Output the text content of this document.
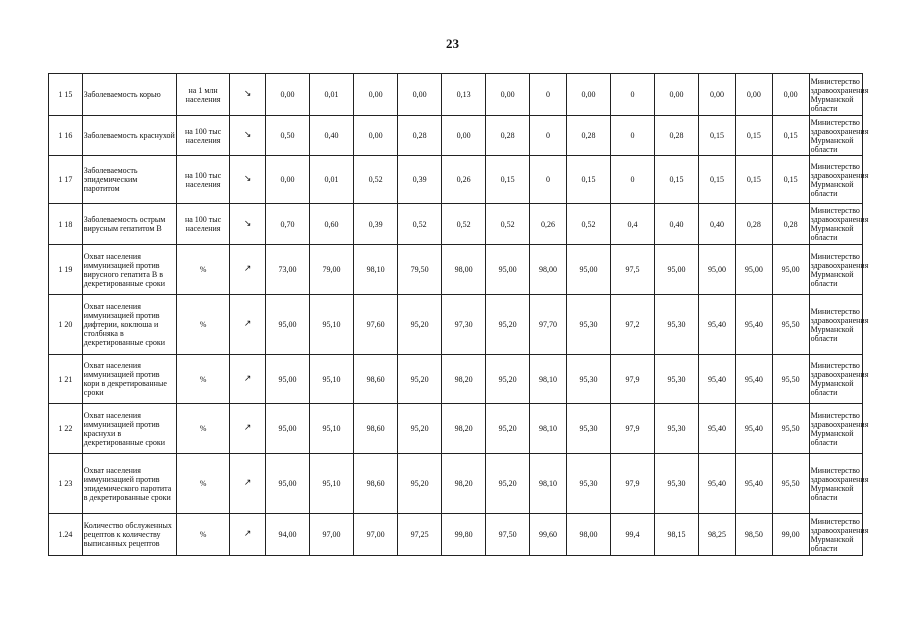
23
1 15	Заболеваемость корью	на 1 млн населения	↘	0,00	0,01	0,00	0,00	0,13	0,00	0	0,00	0	0,00	0,00	0,00	0,00	Министерство здравоохранения Мурманской области
1 16	Заболеваемость краснухой	на 100 тыс населения	↘	0,50	0,40	0,00	0,28	0,00	0,28	0	0,28	0	0,28	0,15	0,15	0,15	Министерство здравоохранения Мурманской области
1 17	Заболеваемость эпидемическим паротитом	на 100 тыс населения	↘	0,00	0,01	0,52	0,39	0,26	0,15	0	0,15	0	0,15	0,15	0,15	0,15	Министерство здравоохранения Мурманской области
1 18	Заболеваемость острым вирусным гепатитом В	на 100 тыс населения	↘	0,70	0,60	0,39	0,52	0,52	0,52	0,26	0,52	0,4	0,40	0,40	0,28	0,28	Министерство здравоохранения Мурманской области
1 19	Охват населения иммунизацией против вирусного гепатита В в декретированные сроки	%	↗	73,00	79,00	98,10	79,50	98,00	95,00	98,00	95,00	97,5	95,00	95,00	95,00	95,00	Министерство здравоохранения Мурманской области
1 20	Охват населения иммунизацией против дифтерии, коклюша и столбняка в декретированные сроки	%	↗	95,00	95,10	97,60	95,20	97,30	95,20	97,70	95,30	97,2	95,30	95,40	95,40	95,50	Министерство здравоохранения Мурманской области
1 21	Охват населения иммунизацией против кори в декретированные сроки	%	↗	95,00	95,10	98,60	95,20	98,20	95,20	98,10	95,30	97,9	95,30	95,40	95,40	95,50	Министерство здравоохранения Мурманской области
1 22	Охват населения иммунизацией против краснухи в декретированные сроки	%	↗	95,00	95,10	98,60	95,20	98,20	95,20	98,10	95,30	97,9	95,30	95,40	95,40	95,50	Министерство здравоохранения Мурманской области
1 23	Охват населения иммунизацией против эпидемического паротита в декретированные сроки	%	↗	95,00	95,10	98,60	95,20	98,20	95,20	98,10	95,30	97,9	95,30	95,40	95,40	95,50	Министерство здравоохранения Мурманской области
1.24	Количество обслуженных рецептов к количеству выписанных рецептов	%	↗	94,00	97,00	97,00	97,25	99,80	97,50	99,60	98,00	99,4	98,15	98,25	98,50	99,00	Министерство здравоохранения Мурманской области
